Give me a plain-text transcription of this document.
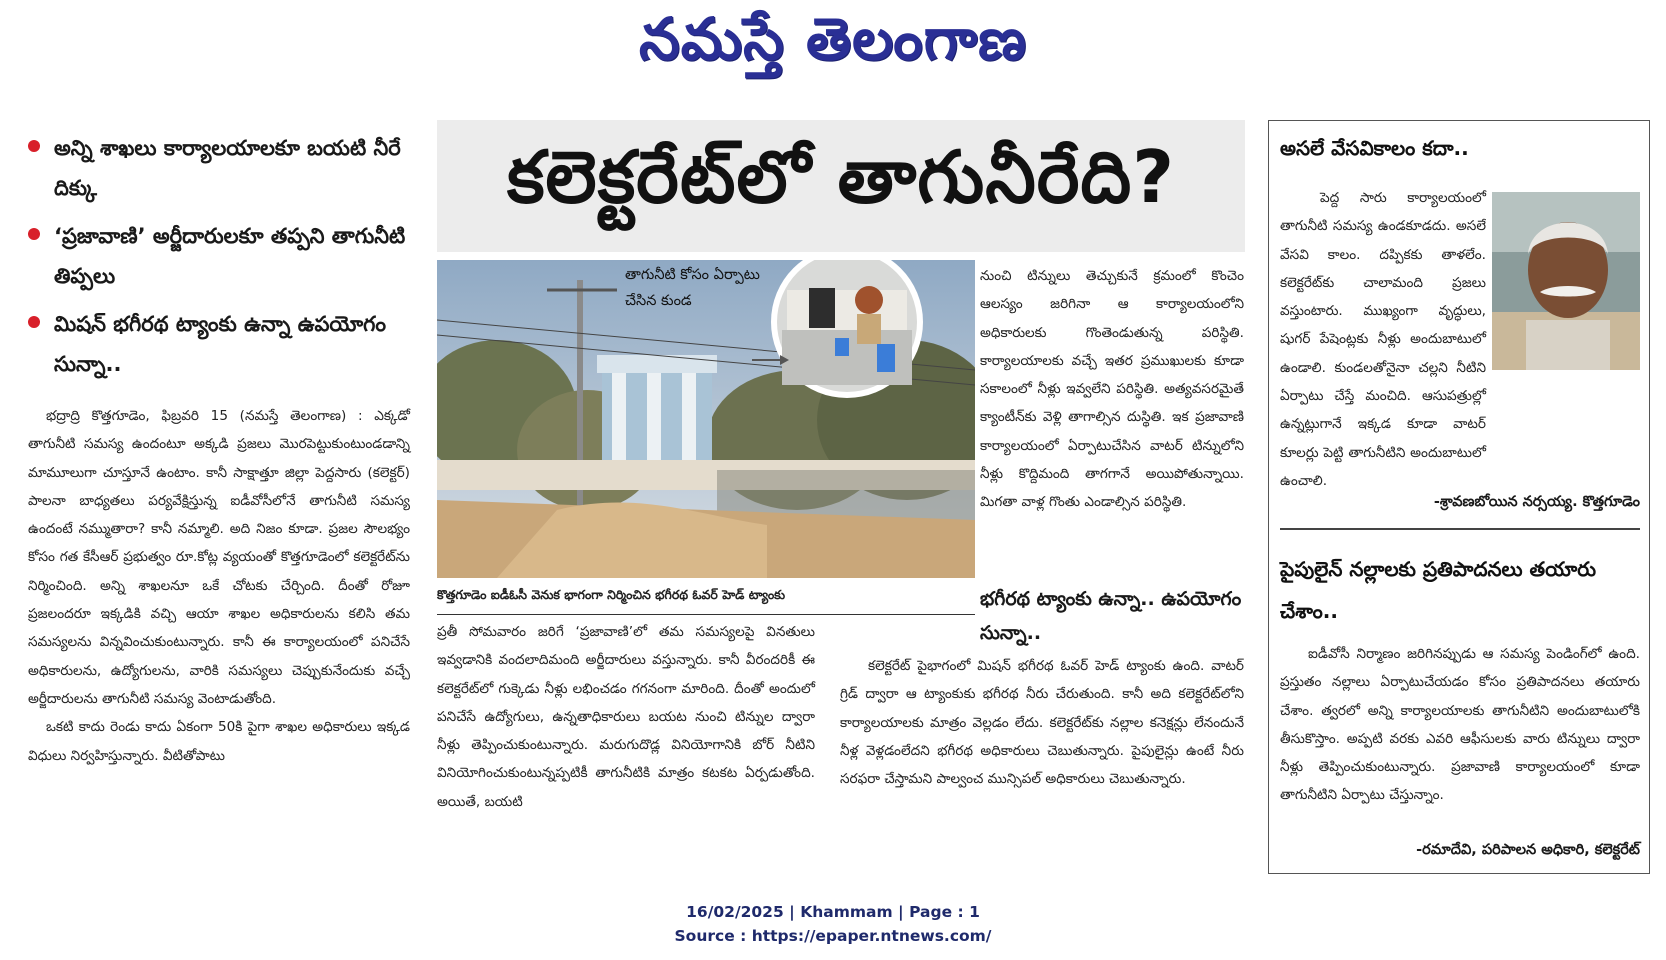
నమస్తే తెలంగాణ
అన్ని శాఖలు కార్యాలయాలకూ బయటి నీరే దిక్కు
‘ప్రజావాణి’ అర్జీదారులకూ తప్పని తాగునీటి తిప్పలు
మిషన్ భగీరథ ట్యాంకు ఉన్నా ఉపయోగం సున్నా..
భద్రాద్రి కొత్తగూడెం, ఫిబ్రవరి 15 (నమస్తే తెలంగాణ) : ఎక్కడో తాగునీటి సమస్య ఉందంటూ అక్కడి ప్రజలు మొరపెట్టుకుంటుండడాన్ని మామూలుగా చూస్తూనే ఉంటాం. కానీ సాక్షాత్తూ జిల్లా పెద్దసారు (కలెక్టర్) పాలనా బాధ్యతలు పర్యవేక్షిస్తున్న ఐడీవోసీలోనే తాగునీటి సమస్య ఉందంటే నమ్ముతారా? కానీ నమ్మాలి. అది నిజం కూడా. ప్రజల సౌలభ్యం కోసం గత కేసీఆర్ ప్రభుత్వం రూ.కోట్ల వ్యయంతో కొత్తగూడెంలో కలెక్టరేట్‌ను నిర్మించింది. అన్ని శాఖలనూ ఒకే చోటకు చేర్చింది. దీంతో రోజూ ప్రజలందరూ ఇక్కడికి వచ్చి ఆయా శాఖల అధికారులను కలిసి తమ సమస్యలను విన్నవించుకుంటున్నారు. కానీ ఈ కార్యాలయంలో పనిచేసే అధికారులను, ఉద్యోగులను, వారికి సమస్యలు చెప్పుకునేందుకు వచ్చే అర్జీదారులను తాగునీటి సమస్య వెంటాడుతోంది.
ఒకటి కాదు రెండు కాదు ఏకంగా 50కి పైగా శాఖల అధికారులు ఇక్కడ విధులు నిర్వహిస్తున్నారు. వీటితోపాటు
కలెక్టరేట్‌లో తాగునీరేది?
తాగునీటి కోసం ఏర్పాటు చేసిన కుండ
కొత్తగూడెం ఐడీఓసీ వెనుక భాగంగా నిర్మించిన భగీరథ ఓవర్ హెడ్ ట్యాంకు
ప్రతీ సోమవారం జరిగే ‘ప్రజావాణి’లో తమ సమస్యలపై వినతులు ఇవ్వడానికి వందలాదిమంది అర్జీదారులు వస్తున్నారు. కానీ వీరందరికీ ఈ కలెక్టరేట్‌లో గుక్కెడు నీళ్లు లభించడం గగనంగా మారింది. దీంతో అందులో పనిచేసే ఉద్యోగులు, ఉన్నతాధికారులు బయట నుంచి టిన్నుల ద్వారా నీళ్లు తెప్పించుకుంటున్నారు. మరుగుదొడ్ల వినియోగానికి బోర్ నీటిని వినియోగించుకుంటున్నప్పటికీ తాగునీటికి మాత్రం కటకట ఏర్పడుతోంది. అయితే, బయటి
నుంచి టిన్నులు తెచ్చుకునే క్రమంలో కొంచెం ఆలస్యం జరిగినా ఆ కార్యాలయంలోని అధికారులకు గొంతెండుతున్న పరిస్థితి. కార్యాలయాలకు వచ్చే ఇతర ప్రముఖులకు కూడా సకాలంలో నీళ్లు ఇవ్వలేని పరిస్థితి. అత్యవసరమైతే క్యాంటీన్‌కు వెళ్లి తాగాల్సిన దుస్థితి. ఇక ప్రజావాణి కార్యాలయంలో ఏర్పాటుచేసిన వాటర్ టిన్నులోని నీళ్లు కొద్దిమంది తాగగానే అయిపోతున్నాయి. మిగతా వాళ్ల గొంతు ఎండాల్సిన పరిస్థితి.
భగీరథ ట్యాంకు ఉన్నా.. ఉపయోగం సున్నా..
కలెక్టరేట్ పైభాగంలో మిషన్ భగీరథ ఓవర్ హెడ్ ట్యాంకు ఉంది. వాటర్ గ్రిడ్ ద్వారా ఆ ట్యాంకుకు భగీరథ నీరు చేరుతుంది. కానీ అది కలెక్టరేట్‌లోని కార్యాలయాలకు మాత్రం వెల్లడం లేదు. కలెక్టరేట్‌కు నల్లాల కనెక్షన్లు లేనందునే నీళ్ల వెళ్లడంలేదని భగీరథ అధికారులు చెబుతున్నారు. పైపులైన్లు ఉంటే నీరు సరఫరా చేస్తామని పాల్వంచ మున్సిపల్ అధికారులు చెబుతున్నారు.
అసలే వేసవికాలం కదా..
పెద్ద సారు కార్యాలయంలో తాగునీటి సమస్య ఉండకూడదు. అసలే వేసవి కాలం. దప్పికకు తాళలేం. కలెక్టరేట్‌కు చాలామంది ప్రజలు వస్తుంటారు. ముఖ్యంగా వృద్ధులు, షుగర్ పేషెంట్లకు నీళ్లు అందుబాటులో ఉండాలి. కుండలతోనైనా చల్లని నీటిని ఏర్పాటు చేస్తే మంచిది. ఆసుపత్రుల్లో ఉన్నట్లుగానే ఇక్కడ కూడా వాటర్ కూలర్లు పెట్టి తాగునీటిని అందుబాటులో ఉంచాలి.
-శ్రావణబోయిన నర్సయ్య. కొత్తగూడెం
పైపులైన్ నల్లాలకు ప్రతిపాదనలు తయారు చేశాం..
ఐడీవోసీ నిర్మాణం జరిగినప్పుడు ఆ సమస్య పెండింగ్‌లో ఉంది. ప్రస్తుతం నల్లాలు ఏర్పాటుచేయడం కోసం ప్రతిపాదనలు తయారు చేశాం. త్వరలో అన్ని కార్యాలయాలకు తాగునీటిని అందుబాటులోకి తీసుకొస్తాం. అప్పటి వరకు ఎవరి ఆఫీసులకు వారు టిన్నులు ద్వారా నీళ్లు తెప్పించుకుంటున్నారు. ప్రజావాణి కార్యాలయంలో కూడా తాగునీటిని ఏర్పాటు చేస్తున్నాం.
-రమాదేవి, పరిపాలన అధికారి, కలెక్టరేట్
16/02/2025 | Khammam | Page : 1
Source : https://epaper.ntnews.com/
